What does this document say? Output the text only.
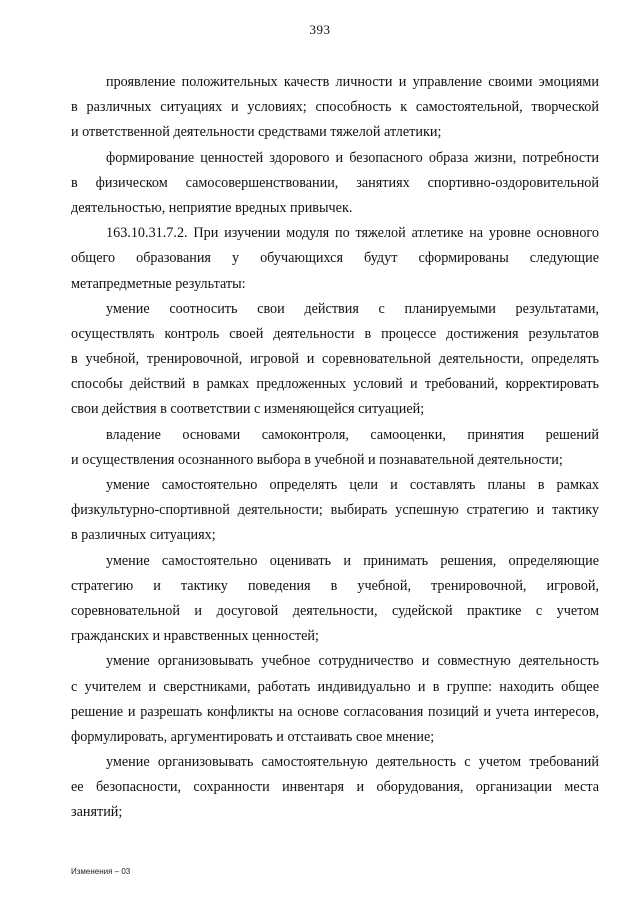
393
проявление положительных качеств личности и управление своими эмоциями
в различных ситуациях и условиях; способность к самостоятельной, творческой
и ответственной деятельности средствами тяжелой атлетики;
формирование ценностей здорового и безопасного образа жизни, потребности
в физическом самосовершенствовании, занятиях спортивно-оздоровительной
деятельностью, неприятие вредных привычек.
163.10.31.7.2. При изучении модуля по тяжелой атлетике на уровне основного
общего образования у обучающихся будут сформированы следующие
метапредметные результаты:
умение соотносить свои действия с планируемыми результатами,
осуществлять контроль своей деятельности в процессе достижения результатов
в учебной, тренировочной, игровой и соревновательной деятельности, определять
способы действий в рамках предложенных условий и требований, корректировать
свои действия в соответствии с изменяющейся ситуацией;
владение основами самоконтроля, самооценки, принятия решений
и осуществления осознанного выбора в учебной и познавательной деятельности;
умение самостоятельно определять цели и составлять планы в рамках
физкультурно-спортивной деятельности; выбирать успешную стратегию и тактику
в различных ситуациях;
умение самостоятельно оценивать и принимать решения, определяющие
стратегию и тактику поведения в учебной, тренировочной, игровой,
соревновательной и досуговой деятельности, судейской практике с учетом
гражданских и нравственных ценностей;
умение организовывать учебное сотрудничество и совместную деятельность
с учителем и сверстниками, работать индивидуально и в группе: находить общее
решение и разрешать конфликты на основе согласования позиций и учета интересов,
формулировать, аргументировать и отстаивать свое мнение;
умение организовывать самостоятельную деятельность с учетом требований
ее безопасности, сохранности инвентаря и оборудования, организации места
занятий;
Изменения – 03
